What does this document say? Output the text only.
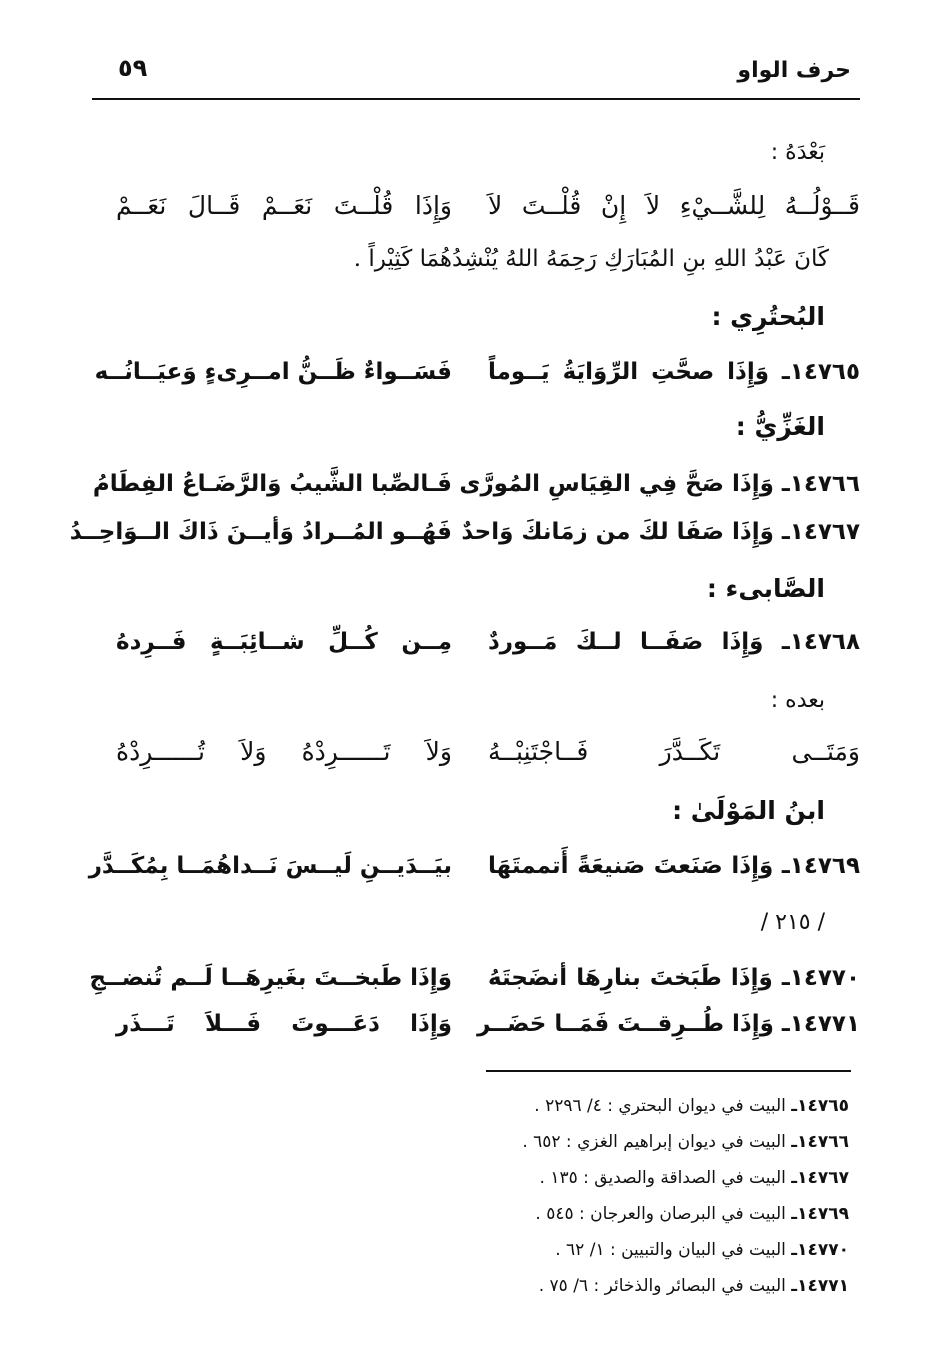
حرف الواو
٥٩
بَعْدَهُ :
قَــوْلُــهُ لِلشَّــيْءِ لاَ إِنْ قُلْــتَ لاَ
وَإِذَا قُلْــتَ نَعَــمْ قَــالَ نَعَــمْ
كَانَ عَبْدُ اللهِ بنِ المُبَارَكِ رَحِمَهُ اللهُ يُنْشِدُهُمَا كَثِيْراً .
البُحتُرِي :
١٤٧٦٥ـ وَإِذَا صحَّتِ الرِّوَايَةُ يَــوماً
فَسَــواءٌ ظَــنُّ امــرِىءٍ وَعيَــانُــه
الغَزِّيُّ :
١٤٧٦٦ـ وَإِذَا صَحَّ فِي القِيَاسِ المُورَّى
فَـالصِّبا الشَّيبُ وَالرَّضَـاعُ الفِطَامُ
١٤٧٦٧ـ وَإِذَا صَفَا لكَ من زمَانكَ وَاحدٌ
فَهُــو المُــرادُ وَأيــنَ ذَاكَ الــوَاحِــدُ
الصَّابىء :
١٤٧٦٨ـ وَإِذَا صَفَــا لــكَ مَــوردٌ
مِــن كُــلِّ شــائِبَــةٍ فَــرِدهُ
بعده :
وَمَتَــى تَكَــدَّرَ فَــاجْتَنِبْــهُ
وَلاَ تَــــــرِدْهُ وَلاَ تُــــــرِدْهُ
ابنُ المَوْلَىٰ :
١٤٧٦٩ـ وَإِذَا صَنَعتَ صَنيعَةً أَتممتَهَا
بيَــدَيــنِ لَيــسَ نَــداهُمَــا بِمُكَــدَّر
/ ٢١٥ /
١٤٧٧٠ـ وَإِذَا طَبَختَ بنارِهَا أنضَجتَهُ
وَإِذَا طَبخــتَ بغَيرِهَــا لَــم تُنضــجِ
١٤٧٧١ـ وَإِذَا طُــرِقــتَ فَمَــا حَضَــر
وَإِذَا دَعَـــوتَ فَـــلاَ تَـــذَر
١٤٧٦٥ـ البيت في ديوان البحتري : ٤/ ٢٢٩٦ .
١٤٧٦٦ـ البيت في ديوان إبراهيم الغزي : ٦٥٢ .
١٤٧٦٧ـ البيت في الصداقة والصديق : ١٣٥ .
١٤٧٦٩ـ البيت في البرصان والعرجان : ٥٤٥ .
١٤٧٧٠ـ البيت في البيان والتبيين : ١/ ٦٢ .
١٤٧٧١ـ البيت في البصائر والذخائر : ٦/ ٧٥ .
